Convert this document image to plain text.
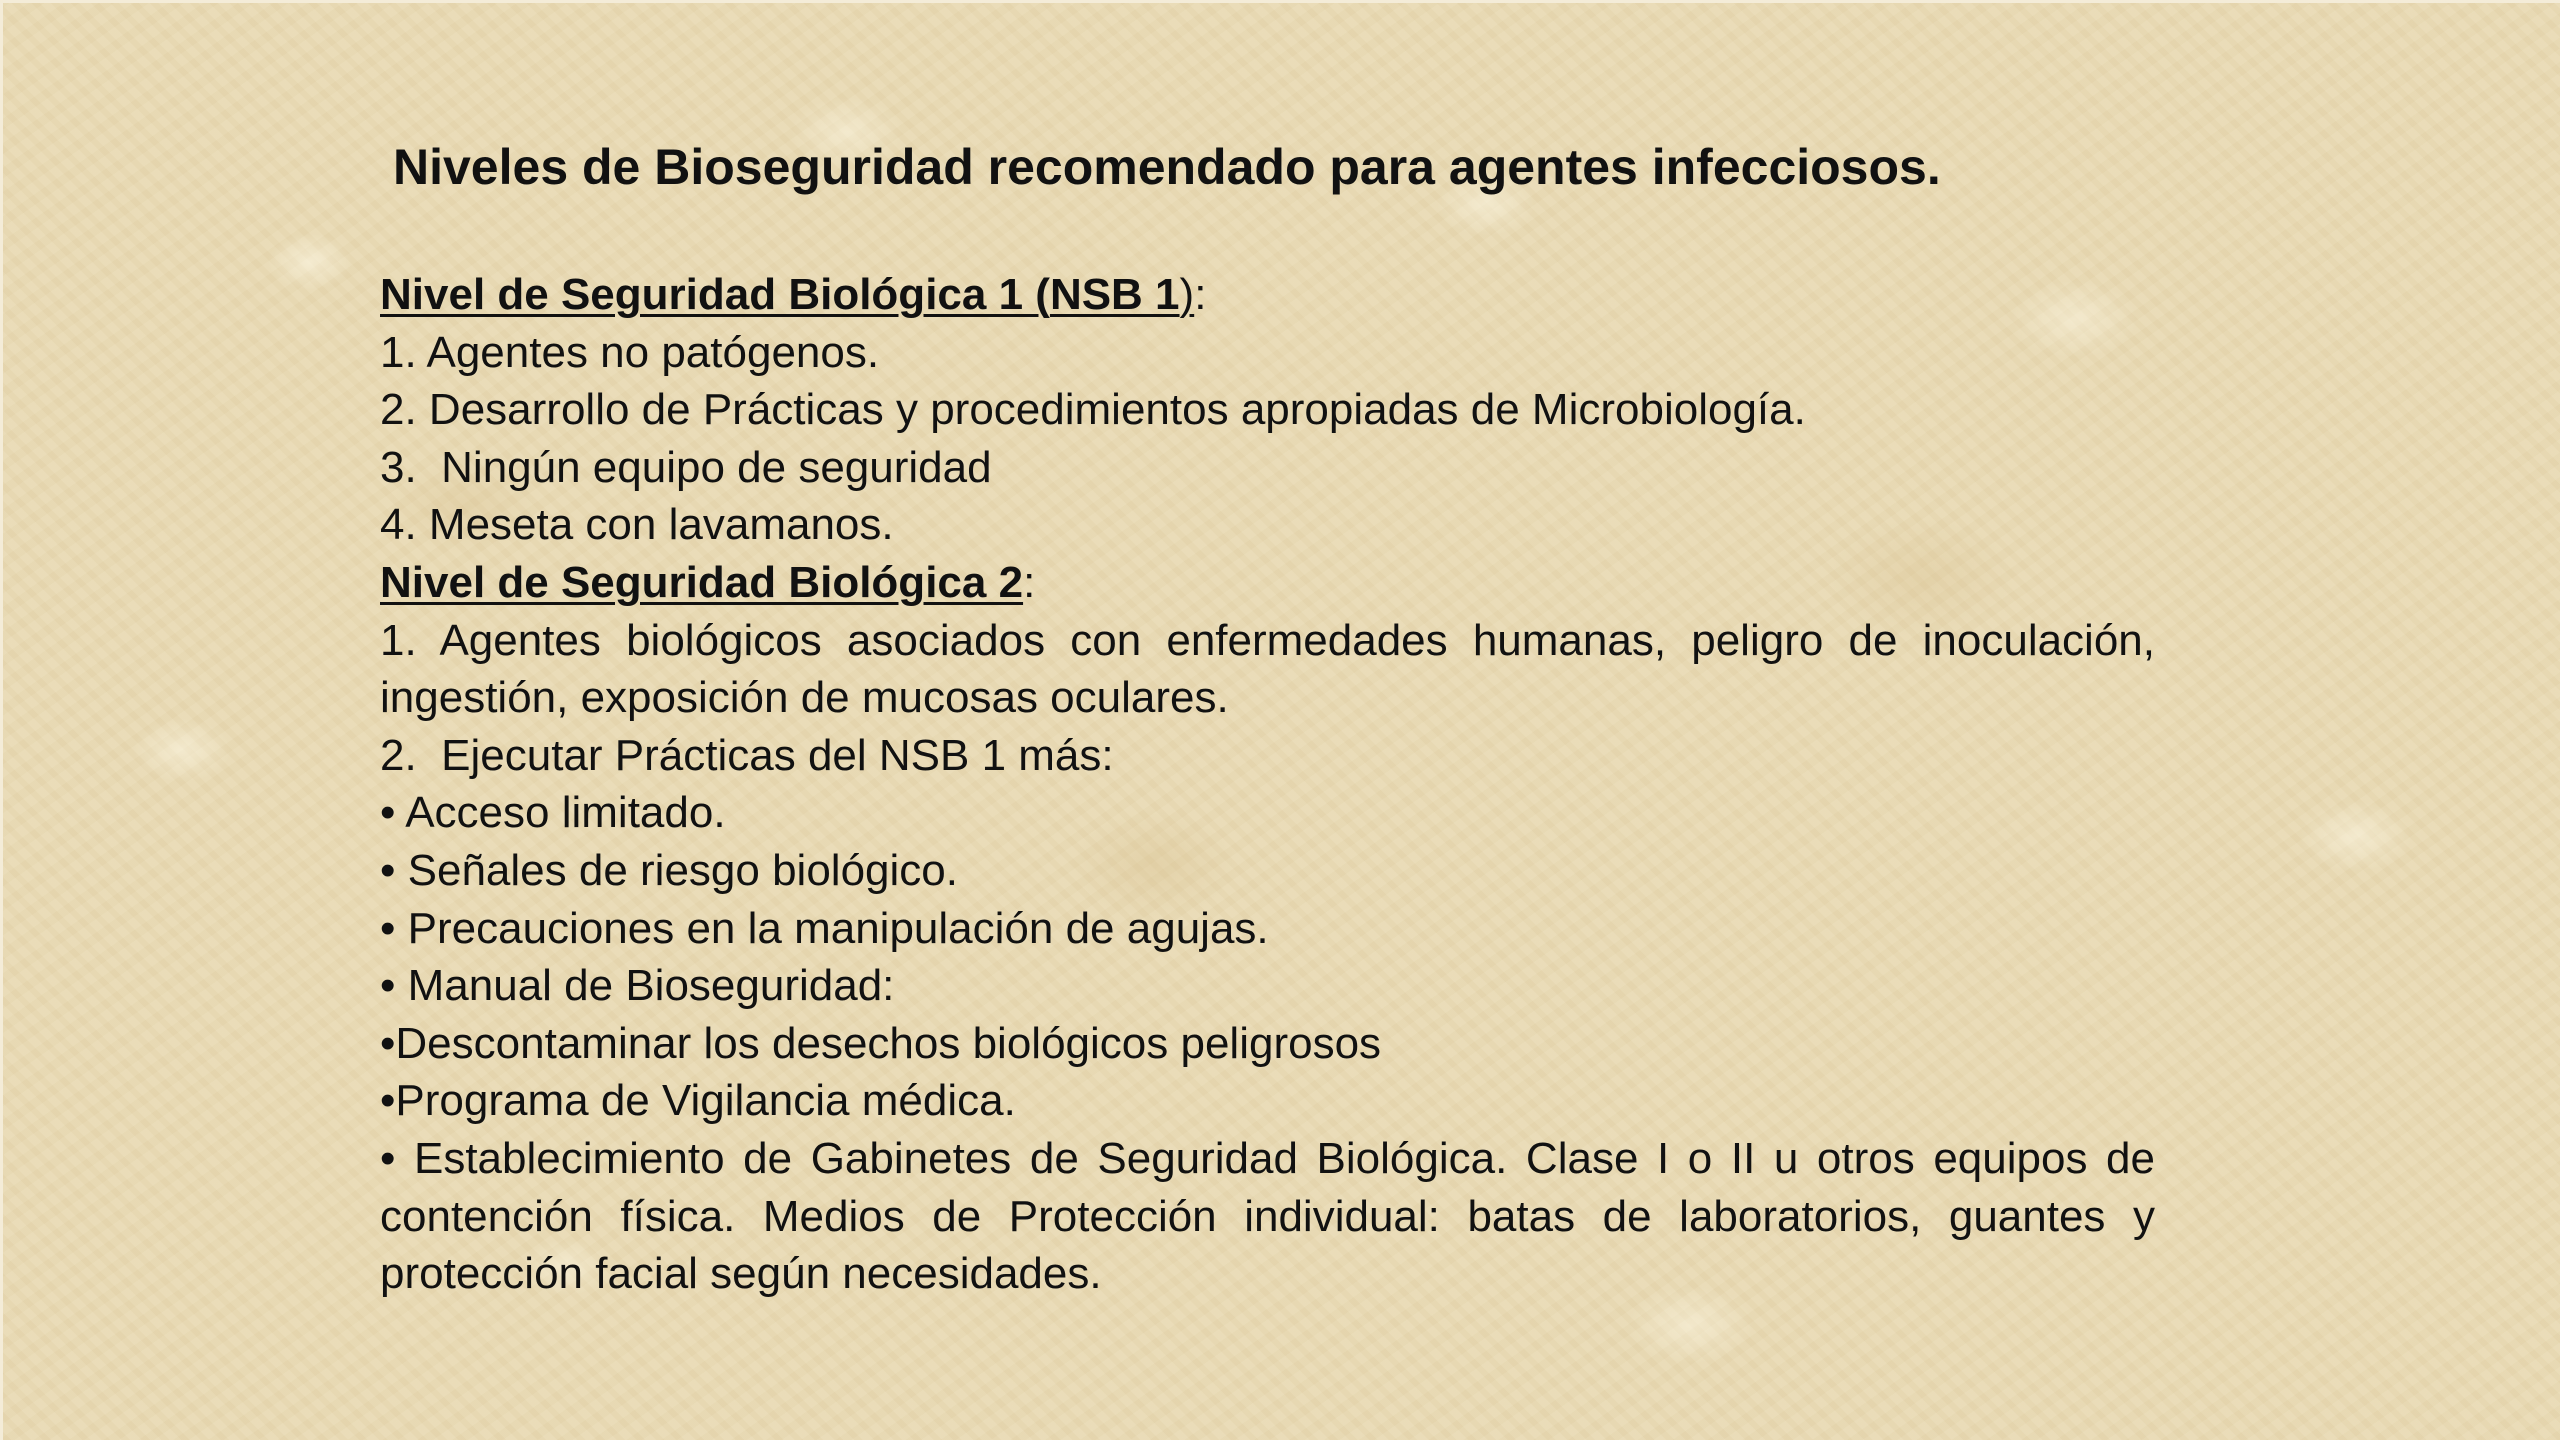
Niveles de Bioseguridad recomendado para agentes infecciosos.
Nivel de Seguridad Biológica 1 (NSB 1):
1. Agentes no patógenos.
2. Desarrollo de Prácticas y procedimientos apropiadas de Microbiología.
3.  Ningún equipo de seguridad
4. Meseta con lavamanos.
Nivel de Seguridad Biológica 2:
1. Agentes biológicos asociados con enfermedades humanas, peligro de inoculación, ingestión, exposición de mucosas oculares.
2.  Ejecutar Prácticas del NSB 1 más:
• Acceso limitado.
• Señales de riesgo biológico.
• Precauciones en la manipulación de agujas.
• Manual de Bioseguridad:
•Descontaminar los desechos biológicos peligrosos
•Programa de Vigilancia médica.
• Establecimiento de Gabinetes de Seguridad Biológica. Clase I o II u otros equipos de contención física. Medios de Protección individual: batas de laboratorios, guantes y protección facial según necesidades.
